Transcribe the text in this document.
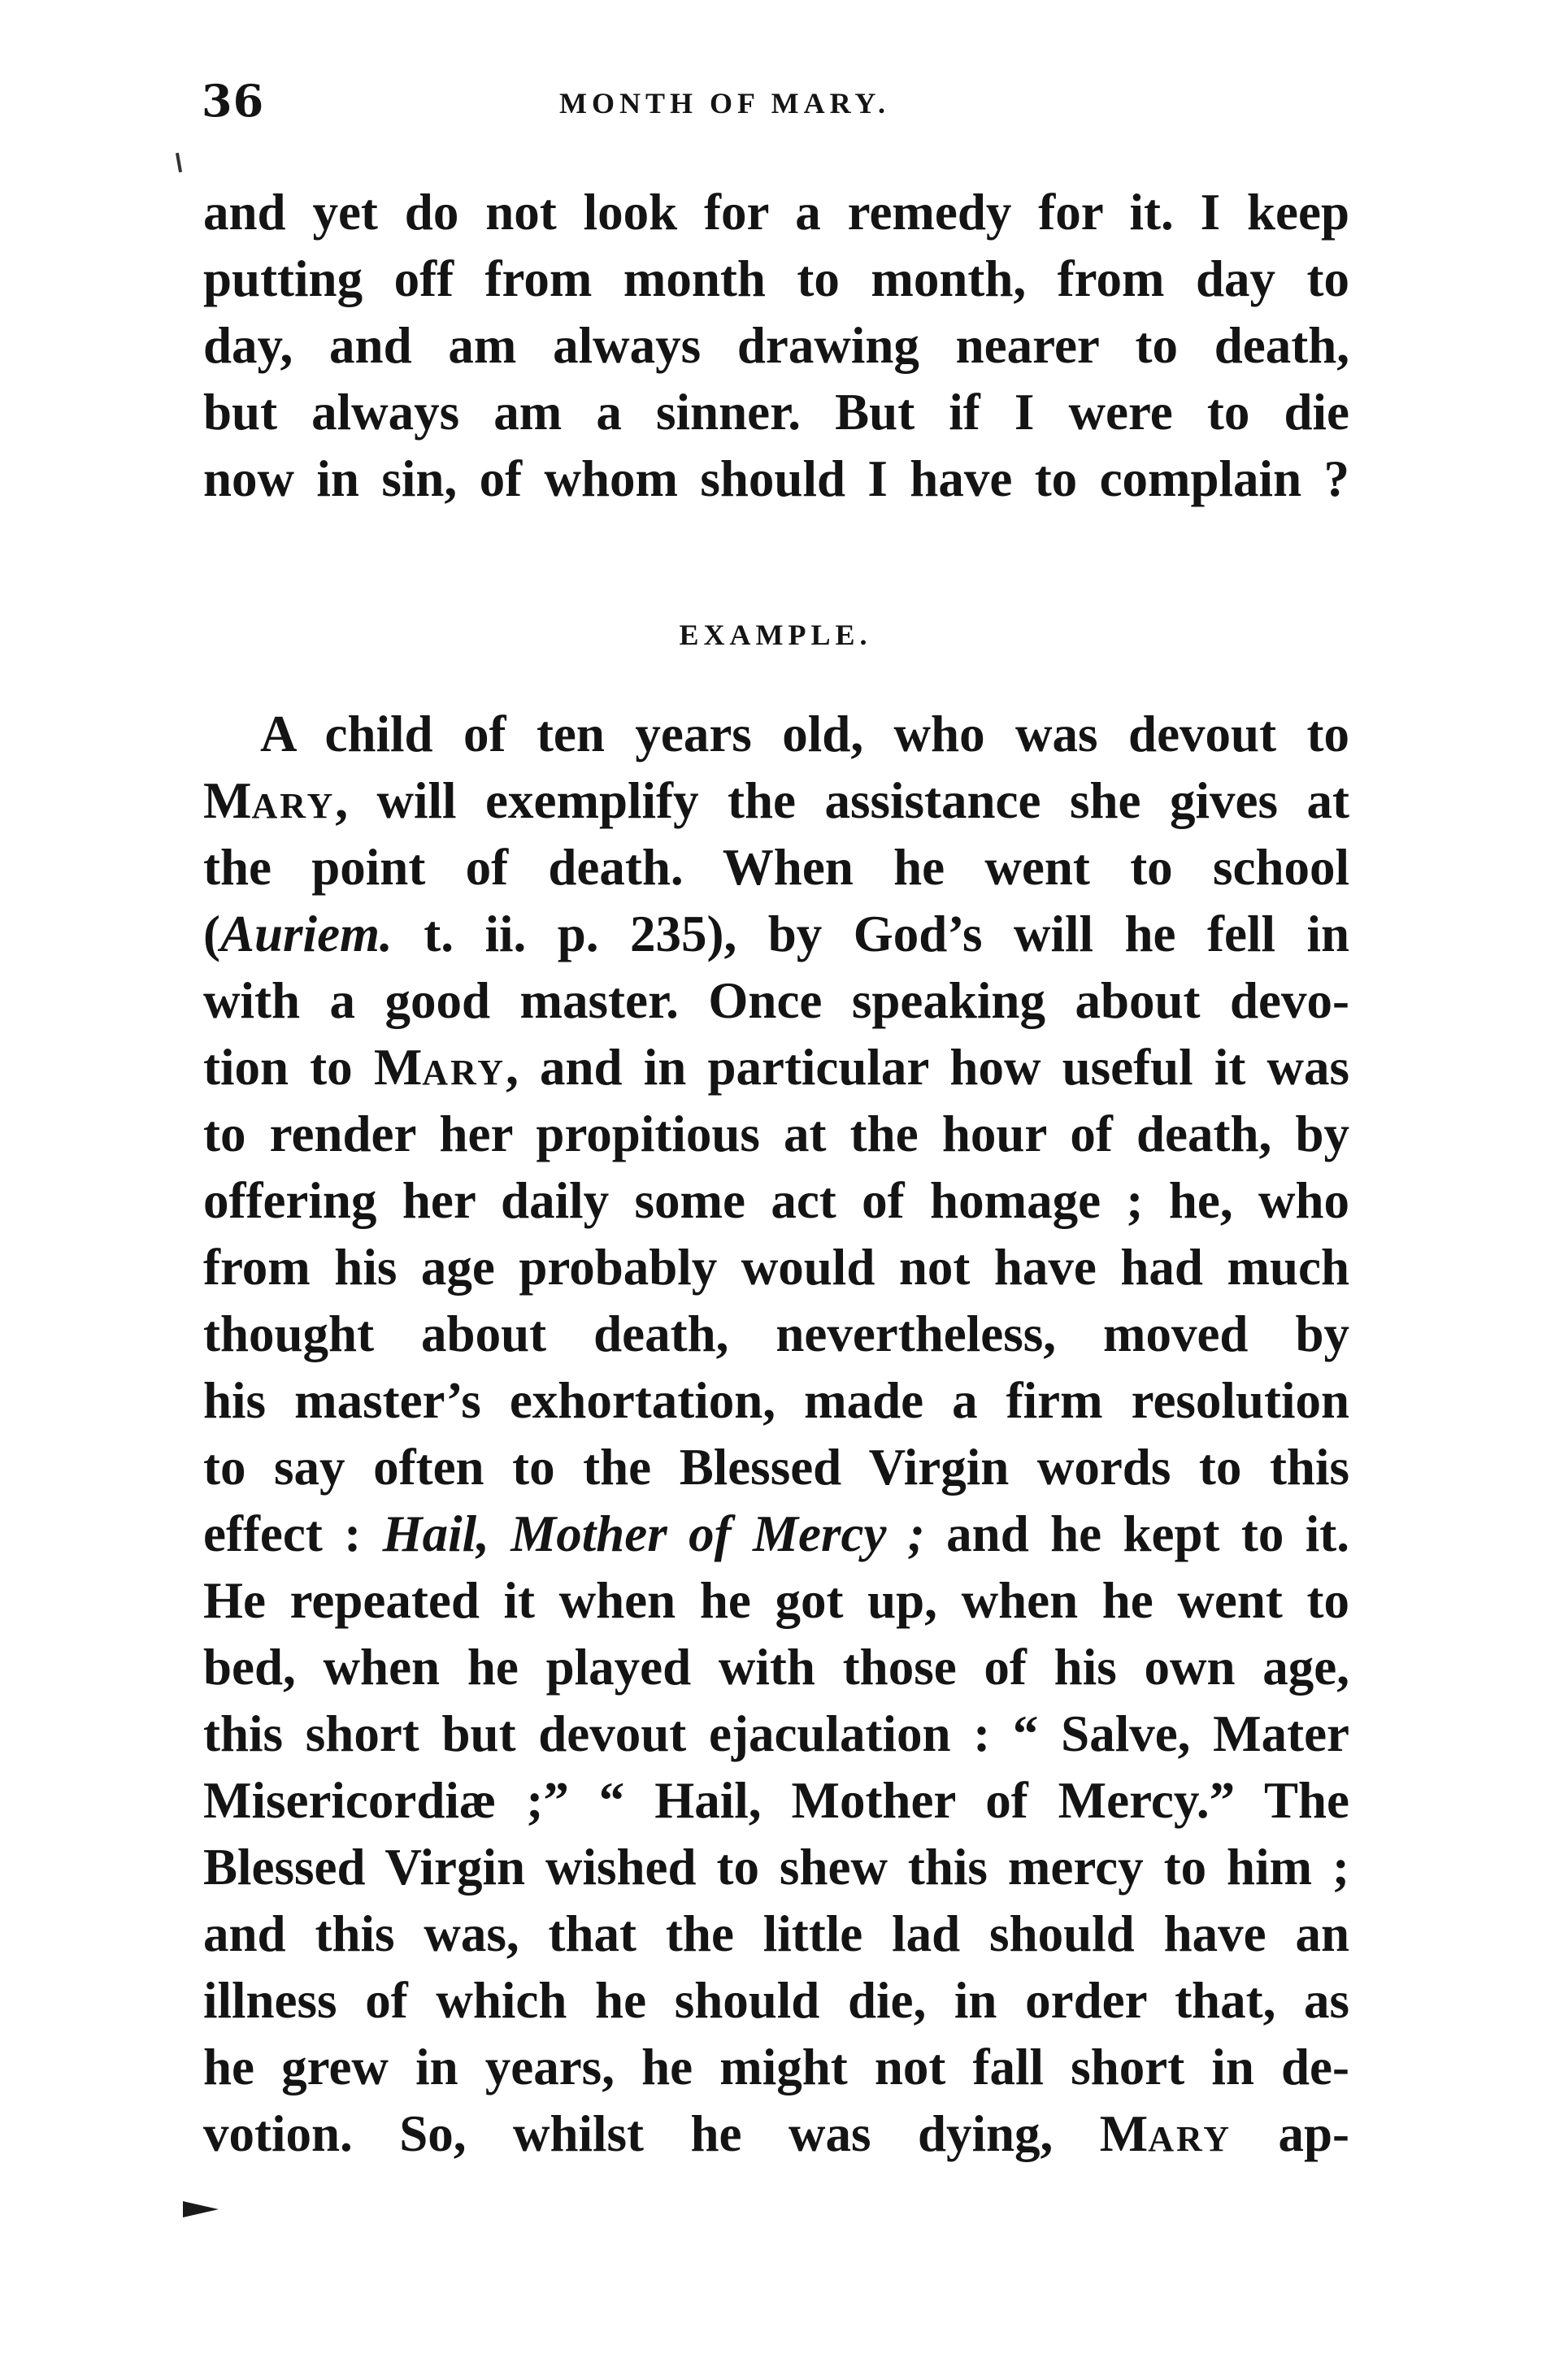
36	MONTH OF MARY.
and yet do not look for a remedy for it. I keep
putting off from month to month, from day to
day, and am always drawing nearer to death,
but always am a sinner. But if I were to die
now in sin, of whom should I have to complain ?
EXAMPLE.
A child of ten years old, who was devout to
Mary, will exemplify the assistance she gives at
the point of death. When he went to school
(Auriem. t. ii. p. 235), by God’s will he fell in
with a good master. Once speaking about devo-
tion to Mary, and in particular how useful it was
to render her propitious at the hour of death, by
offering her daily some act of homage ; he, who
from his age probably would not have had much
thought about death, nevertheless, moved by
his master’s exhortation, made a firm resolution
to say often to the Blessed Virgin words to this
effect : Hail, Mother of Mercy ; and he kept to it.
He repeated it when he got up, when he went to
bed, when he played with those of his own age,
this short but devout ejaculation : “ Salve, Mater
Misericordiæ ;” “ Hail, Mother of Mercy.” The
Blessed Virgin wished to shew this mercy to him ;
and this was, that the little lad should have an
illness of which he should die, in order that, as
he grew in years, he might not fall short in de-
votion. So, whilst he was dying, Mary ap-
